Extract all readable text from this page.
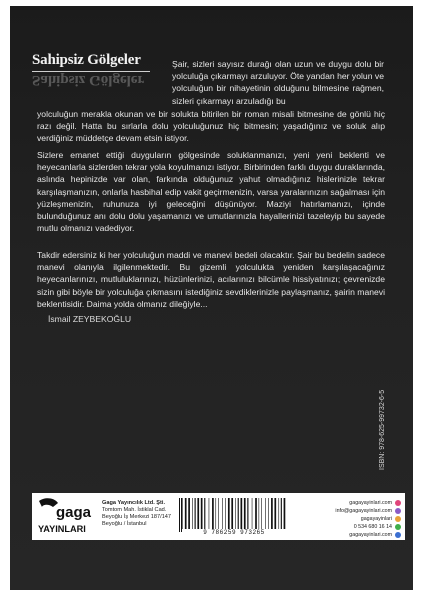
Sahipsiz Gölgeler
Sahipsiz Gölgeler

Şair, sizleri sayısız durağı olan uzun ve duygu dolu bir yolculuğa çıkarmayı arzuluyor. Öte yandan her yolun ve yolculuğun bir nihayetinin olduğunu bilmesine rağmen, sizleri çıkarmayı arzuladığı bu

yolculuğun merakla okunan ve bir solukta bitirilen bir roman misali bitmesine de gönlü hiç razı değil. Hatta bu sırlarla dolu yolculuğunuz hiç bitmesin; yaşadığınız ve soluk alıp verdiğiniz müddetçe devam etsin istiyor.

Sizlere emanet ettiği duyguların gölgesinde soluklanmanızı, yeni yeni beklenti ve heyecanlarla sizlerden tekrar yola koyulmanızı istiyor. Birbirinden farklı duygu duraklarında, aslında hepinizde var olan, farkında olduğunuz yahut olmadığınız hislerinizle tekrar karşılaşmanızın, onlarla hasbihal edip vakit geçirmenizin, varsa yaralarınızın sağalması için yüzleşmenizin, ruhunuza iyi geleceğini düşünüyor. Maziyi hatırlamanızı, içinde bulunduğunuz anı dolu dolu yaşamanızı ve umutlarınızla hayallerinizi tazeleyip bu sayede mutlu olmanızı vadediyor.

Takdir edersiniz ki her yolculuğun maddi ve manevi bedeli olacaktır. Şair bu bedelin sadece manevi olanıyla ilgilenmektedir. Bu gizemli yolculukta yeniden karşılaşacağınız heyecanlarınızı, mutluluklarınızı, hüzünlerinizi, acılarınızı bilcümle hissiyatınızı; çevrenizde sizin gibi böyle bir yolculuğa çıkmasını istediğiniz sevdiklerinizle paylaşmanız, şairin manevi beklentisidir. Daima yolda olmanız dileğiyle...

İsmail ZEYBEKOĞLU
ISBN: 978-625-99732-6-5
gaga
YAYINLARI
Gaga Yayıncılık Ltd. Şti.
Tomtom Mah. İstiklal Cad.
Beyoğlu İş Merkezi 187/147
Beyoğlu / İstanbul
9 786259 973265
gagayayinlari.com
info@gagayayinlari.com
gagayayinlari
0 534 680 16 14
gagayayinlari.com
